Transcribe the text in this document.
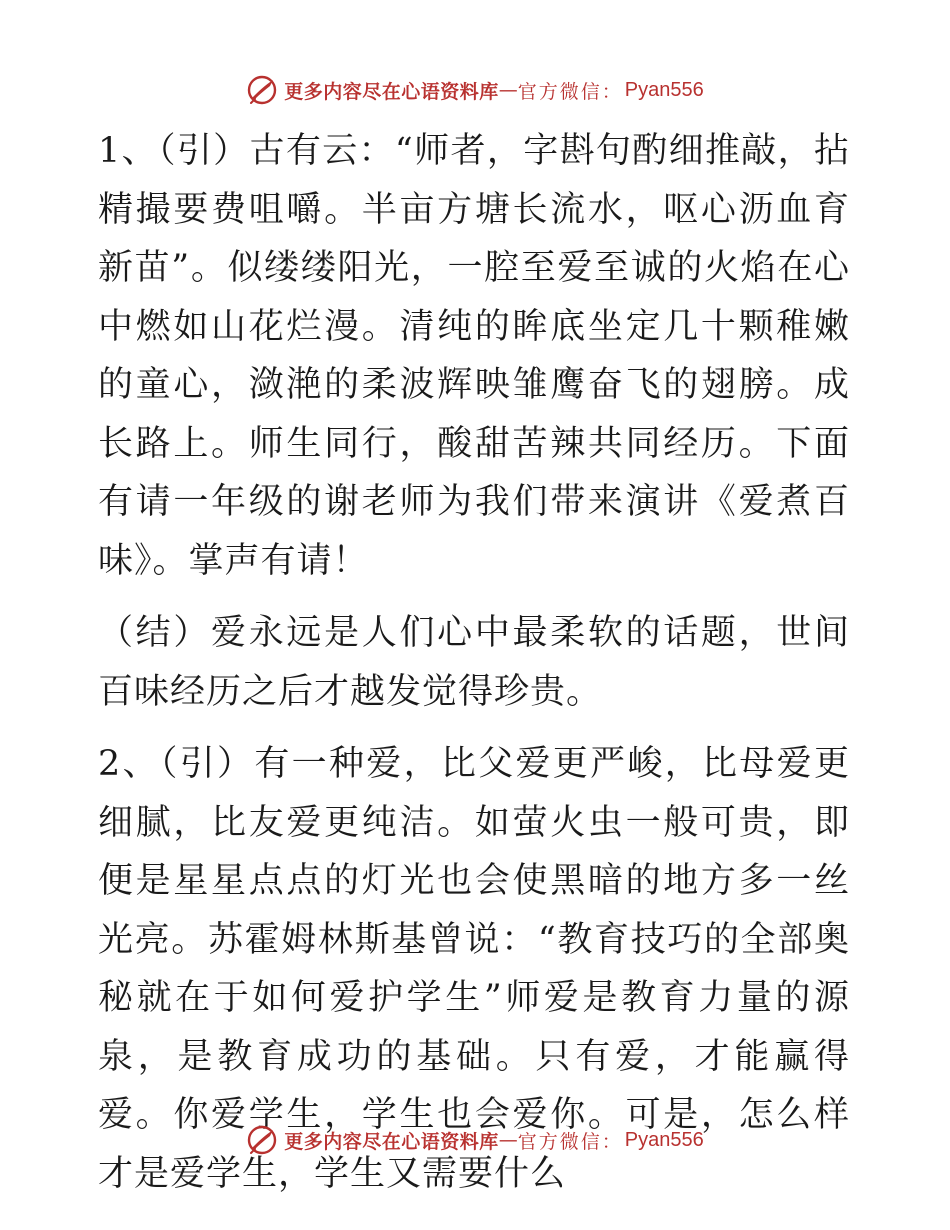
更多内容尽在心语资料库 — 官方微信： Pyan556

1、（引）古有云：“师者，字斟句酌细推敲，拈精撮要费咀嚼。半亩方塘长流水，呕心沥血育新苗”。似缕缕阳光，一腔至爱至诚的火焰在心中燃如山花烂漫。清纯的眸底坐定几十颗稚嫩的童心，潋滟的柔波辉映雏鹰奋飞的翅膀。成长路上。师生同行，酸甜苦辣共同经历。下面有请一年级的谢老师为我们带来演讲《爱煮百味》。掌声有请！

（结）爱永远是人们心中最柔软的话题，世间百味经历之后才越发觉得珍贵。

2、（引）有一种爱，比父爱更严峻，比母爱更细腻，比友爱更纯洁。如萤火虫一般可贵，即便是星星点点的灯光也会使黑暗的地方多一丝光亮。苏霍姆林斯基曾说：“教育技巧的全部奥秘就在于如何爱护学生”师爱是教育力量的源泉，是教育成功的基础。只有爱，才能赢得爱。你爱学生，学生也会爱你。可是，怎么样才是爱学生，学生又需要什么

更多内容尽在心语资料库 — 官方微信： Pyan556
